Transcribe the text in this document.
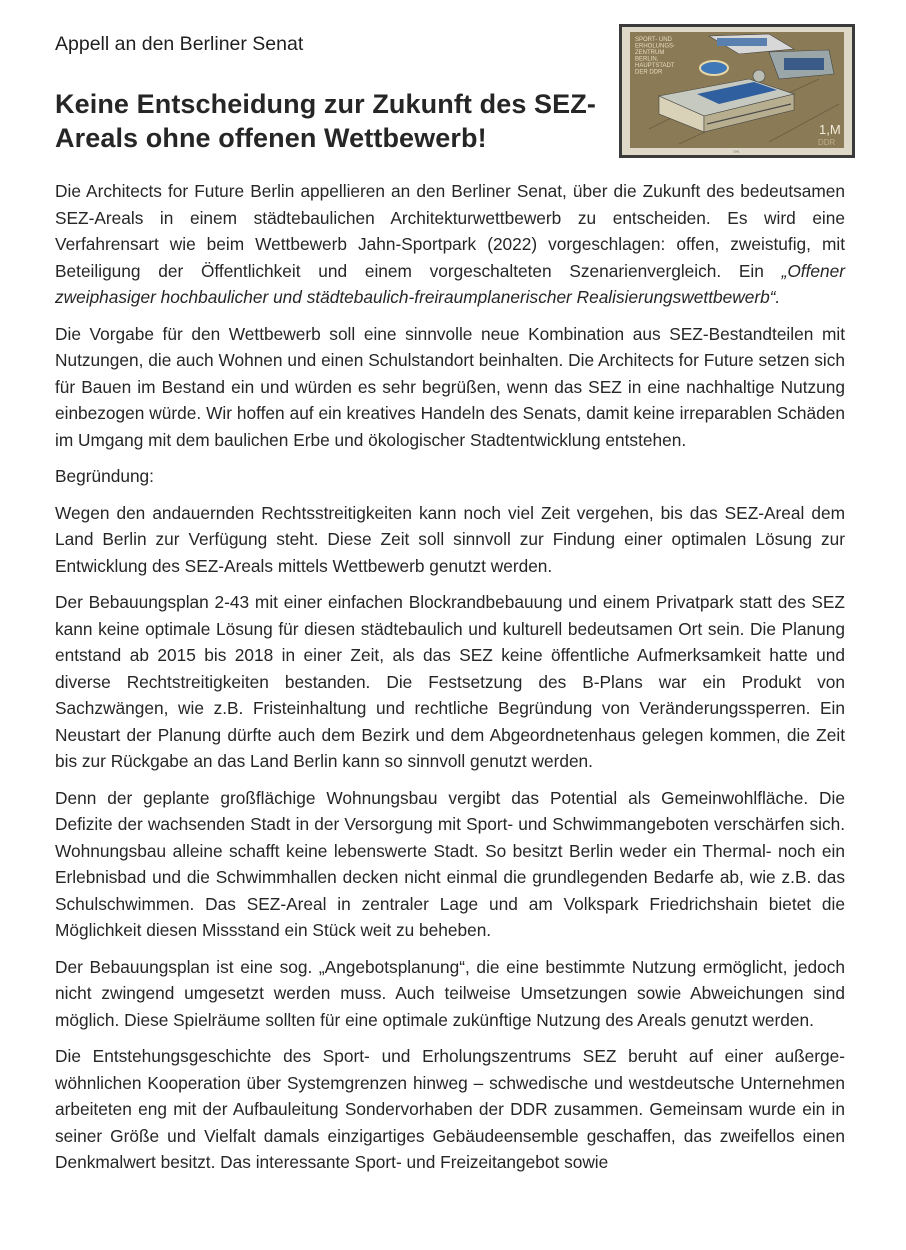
Appell an den Berliner Senat
Keine Entscheidung zur Zukunft des SEZ-Areals ohne offenen Wettbewerb!
SPORT- UND
ERHOLUNGS-
ZENTRUM
BERLIN,
HAUPTSTADT
DER DDR
1,M
DDR
1981

Die Architects for Future Berlin appellieren an den Berliner Senat, über die Zukunft des bedeutsamen SEZ-Areals in einem städtebaulichen Architekturwettbewerb zu entscheiden. Es wird eine Verfahrensart wie beim Wettbewerb Jahn-Sportpark (2022) vorgeschlagen: offen, zweistufig, mit Beteiligung der Öffentlichkeit und einem vorgeschalteten Szenarienvergleich. Ein „Offener zweiphasiger hochbaulicher und städtebaulich-freiraumplanerischer Realisierungswettbewerb“.

Die Vorgabe für den Wettbewerb soll eine sinnvolle neue Kombination aus SEZ-Bestandteilen mit Nutzungen, die auch Wohnen und einen Schulstandort beinhalten. Die Architects for Future setzen sich für Bauen im Bestand ein und würden es sehr begrüßen, wenn das SEZ in eine nachhaltige Nutzung einbezogen würde. Wir hoffen auf ein kreatives Handeln des Senats, damit keine irreparablen Schäden im Umgang mit dem baulichen Erbe und ökologischer Stadtentwicklung entstehen.

Begründung:

Wegen den andauernden Rechtsstreitigkeiten kann noch viel Zeit vergehen, bis das SEZ-Areal dem Land Berlin zur Verfügung steht. Diese Zeit soll sinnvoll zur Findung einer optimalen Lösung zur Entwicklung des SEZ-Areals mittels Wettbewerb genutzt werden.

Der Bebauungsplan 2-43 mit einer einfachen Blockrandbebauung und einem Privatpark statt des SEZ kann keine optimale Lösung für diesen städtebaulich und kulturell bedeutsamen Ort sein. Die Planung entstand ab 2015 bis 2018 in einer Zeit, als das SEZ keine öffentliche Aufmerksamkeit hatte und diverse Rechtstreitigkeiten bestanden. Die Festsetzung des B-Plans war ein Produkt von Sachzwängen, wie z.B. Fristeinhaltung und rechtliche Begründung von Veränderungssperren. Ein Neustart der Planung dürfte auch dem Bezirk und dem Abgeordnetenhaus gelegen kommen, die Zeit bis zur Rückgabe an das Land Berlin kann so sinnvoll genutzt werden.

Denn der geplante großflächige Wohnungsbau vergibt das Potential als Gemeinwohlfläche. Die Defizite der wachsenden Stadt in der Versorgung mit Sport- und Schwimmangeboten verschärfen sich. Wohnungsbau alleine schafft keine lebenswerte Stadt. So besitzt Berlin weder ein Thermal- noch ein Erlebnisbad und die Schwimmhallen decken nicht einmal die grundlegenden Bedarfe ab, wie z.B. das Schulschwimmen. Das SEZ-Areal in zentraler Lage und am Volkspark Friedrichshain bietet die Möglichkeit diesen Missstand ein Stück weit zu beheben.

Der Bebauungsplan ist eine sog. „Angebotsplanung“, die eine bestimmte Nutzung ermöglicht, jedoch nicht zwingend umgesetzt werden muss. Auch teilweise Umsetzungen sowie Abweichungen sind möglich. Diese Spielräume sollten für eine optimale zukünftige Nutzung des Areals genutzt werden.

Die Entstehungsgeschichte des Sport- und Erholungszentrums SEZ beruht auf einer außergewöhnlichen Kooperation über Systemgrenzen hinweg – schwedische und westdeutsche Unternehmen arbeiteten eng mit der Aufbauleitung Sondervorhaben der DDR zusammen. Gemeinsam wurde ein in seiner Größe und Vielfalt damals einzigartiges Gebäudeensemble geschaffen, das zweifellos einen Denkmalwert besitzt. Das interessante Sport- und Freizeitangebot sowie
